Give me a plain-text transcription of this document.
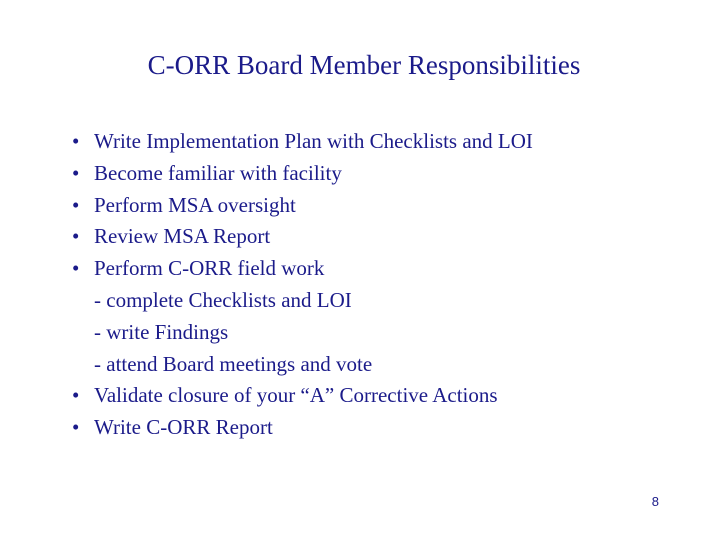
C-ORR Board Member Responsibilities
• Write Implementation Plan with Checklists and LOI
• Become familiar with facility
• Perform MSA oversight
• Review MSA Report
• Perform C-ORR field work
- complete Checklists and LOI
- write Findings
- attend Board meetings and vote
• Validate closure of your “A” Corrective Actions
• Write C-ORR Report
8
